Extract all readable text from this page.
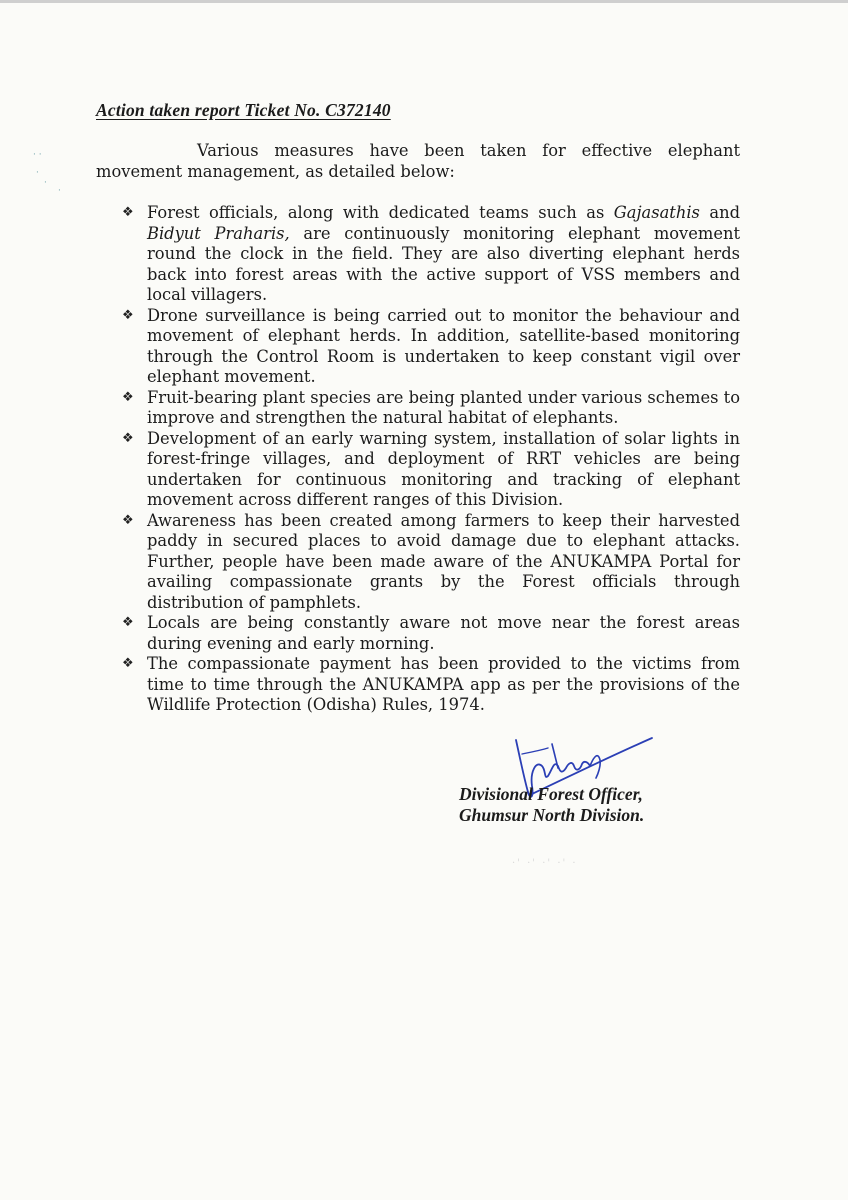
· ·
·
·
·
·' ·' ·' ·' ·
Action taken report Ticket No. C372140

Various measures have been taken for effective elephant movement management, as detailed below:

❖ Forest officials, along with dedicated teams such as Gajasathis and Bidyut Praharis, are continuously monitoring elephant movement round the clock in the field. They are also diverting elephant herds back into forest areas with the active support of VSS members and local villagers.
❖ Drone surveillance is being carried out to monitor the behaviour and movement of elephant herds. In addition, satellite-based monitoring through the Control Room is undertaken to keep constant vigil over elephant movement.
❖ Fruit-bearing plant species are being planted under various schemes to improve and strengthen the natural habitat of elephants.
❖ Development of an early warning system, installation of solar lights in forest-fringe villages, and deployment of RRT vehicles are being undertaken for continuous monitoring and tracking of elephant movement across different ranges of this Division.
❖ Awareness has been created among farmers to keep their harvested paddy in secured places to avoid damage due to elephant attacks. Further, people have been made aware of the ANUKAMPA Portal for availing compassionate grants by the Forest officials through distribution of pamphlets.
❖ Locals are being constantly aware not move near the forest areas during evening and early morning.
❖ The compassionate payment has been provided to the victims from time to time through the ANUKAMPA app as per the provisions of the Wildlife Protection (Odisha) Rules, 1974.
Divisional Forest Officer,
Ghumsur North Division.
